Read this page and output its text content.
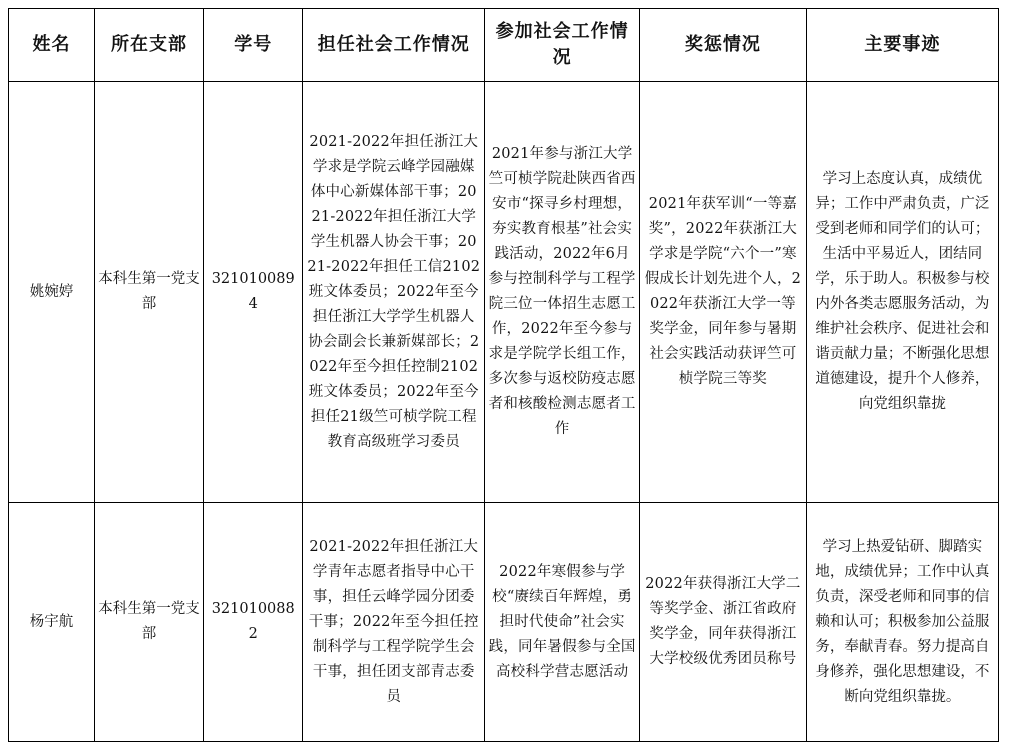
姓名	所在支部	学号	担任社会工作情况	参加社会工作情况	奖惩情况	主要事迹
姚婉婷	本科生第一党支部	3210100894	2021-2022年担任浙江大学求是学院云峰学园融媒体中心新媒体部干事；2021-2022年担任浙江大学学生机器人协会干事；2021-2022年担任工信2102班文体委员；2022年至今担任浙江大学学生机器人协会副会长兼新媒部长；2022年至今担任控制2102班文体委员；2022年至今担任21级竺可桢学院工程教育高级班学习委员	2021年参与浙江大学竺可桢学院赴陕西省西安市“探寻乡村理想，夯实教育根基”社会实践活动，2022年6月参与控制科学与工程学院三位一体招生志愿工作，2022年至今参与求是学院学长组工作，多次参与返校防疫志愿者和核酸检测志愿者工作	2021年获军训“一等嘉奖”，2022年获浙江大学求是学院“六个一”寒假成长计划先进个人，2022年获浙江大学一等奖学金，同年参与暑期社会实践活动获评竺可桢学院三等奖	学习上态度认真，成绩优异；工作中严肃负责，广泛受到老师和同学们的认可；生活中平易近人，团结同学，乐于助人。积极参与校内外各类志愿服务活动，为维护社会秩序、促进社会和谐贡献力量；不断强化思想道德建设，提升个人修养，向党组织靠拢
杨宇航	本科生第一党支部	3210100882	2021-2022年担任浙江大学青年志愿者指导中心干事，担任云峰学园分团委干事；2022年至今担任控制科学与工程学院学生会干事，担任团支部青志委员	2022年寒假参与学校“赓续百年辉煌，勇担时代使命”社会实践，同年暑假参与全国高校科学营志愿活动	2022年获得浙江大学二等奖学金、浙江省政府奖学金，同年获得浙江大学校级优秀团员称号	学习上热爱钻研、脚踏实地，成绩优异；工作中认真负责，深受老师和同事的信赖和认可；积极参加公益服务，奉献青春。努力提高自身修养，强化思想建设，不断向党组织靠拢。
